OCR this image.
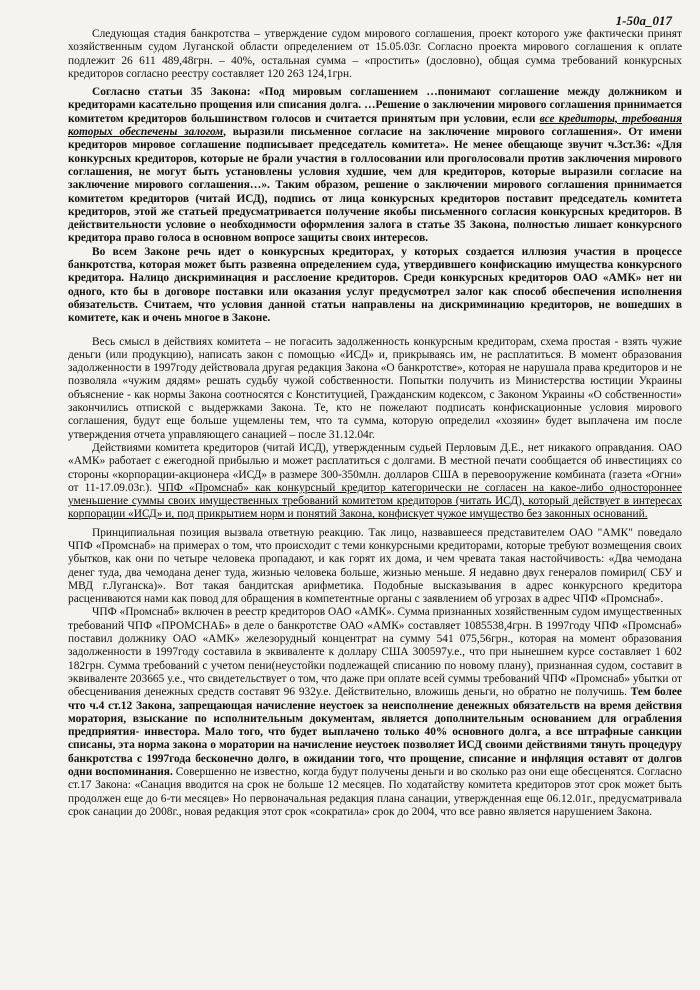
1-50а_017

Следующая стадия банкротства – утверждение судом мирового соглашения, проект которого уже фактически принят хозяйственным судом Луганской области определением от 15.05.03г. Согласно проекта мирового соглашения к оплате подлежит 26 611 489,48грн. – 40%, остальная сумма – «простить» (дословно), общая сумма требований конкурсных кредиторов согласно реестру составляет 120 263 124,1грн.

Согласно статьи 35 Закона: «Под мировым соглашением …понимают соглашение между должником и кредиторами касательно прощения или списания долга. …Решение о заключении мирового соглашения принимается комитетом кредиторов большинством голосов и считается принятым при условии, если все кредиторы, требования которых обеспечены залогом, выразили письменное согласие на заключение мирового соглашения». От имени кредиторов мировое соглашение подписывает председатель комитета». Не менее обещающе звучит ч.3ст.36: «Для конкурсных кредиторов, которые не брали участия в голлосовании или проголосовали против заключения мирового соглашения, не могут быть установлены условия худшие, чем для кредиторов, которые выразили согласие на заключение мирового соглашения…». Таким образом, решение о заключении мирового соглашения принимается комитетом кредиторов (читай ИСД), подпись от лица конкурсных кредиторов поставит председатель комитета кредиторов, этой же статьей предусматривается получение якобы письменного согласия конкурсных кредиторов. В действительности условие о необходимости оформления залога в статье 35 Закона, полностью лишает конкурсного кредитора право голоса в основном вопросе защиты своих интересов.

Во всем Законе речь идет о конкурсных кредиторах, у которых создается иллюзия участия в процессе банкротства, которая может быть развеяна определением суда, утвердившего конфискацию имущества конкурсного кредитора. Налицо дискриминация и расслоение кредиторов. Среди конкурсных кредиторов ОАО «АМК» нет ни одного, кто бы в договоре поставки или оказания услуг предусмотрел залог как способ обеспечения исполнения обязательств. Считаем, что условия данной статьи направлены на дискриминацию кредиторов, не вошедших в комитете, как и очень многое в Законе.

Весь смысл в действиях комитета – не погасить задолженность конкурсным кредиторам, схема простая - взять чужие деньги (или продукцию), написать закон с помощью «ИСД» и, прикрываясь им, не расплатиться. В момент образования задолженности в 1997году действовала другая редакция Закона «О банкротстве», которая не нарушала права кредиторов и не позволяла «чужим дядям» решать судьбу чужой собственности. Попытки получить из Министерства юстиции Украины объяснение - как нормы Закона соотносятся с Конституцией, Гражданским кодексом, с Законом Украины «О собственности» закончились отпиской с выдержками Закона. Те, кто не пожелают подписать конфискационные условия мирового соглашения, будут еще больше ущемлены тем, что та сумма, которую определил «хозяин» будет выплачена им после утверждения отчета управляющего санацией – после 31.12.04г.

Действиями комитета кредиторов (читай ИСД), утвержденным судьей Перловым Д.Е., нет никакого оправдания. ОАО «АМК» работает с ежегодной прибылью и может расплатиться с долгами. В местной печати сообщается об инвестициях со стороны «корпорации-акционера «ИСД» в размере 300-350млн. долларов США в перевооружение комбината (газета «Огни» от 11-17.09.03г.). ЧПФ «Промснаб» как конкурсный кредитор категорически не согласен на какое-либо одностороннее уменьшение суммы своих имущественных требований комитетом кредиторов (читать ИСД), который действует в интересах корпорации «ИСД» и, под прикрытием норм и понятий Закона, конфискует чужое имущество без законных оснований.

Принципиальная позиция вызвала ответную реакцию. Так лицо, назвавшееся представителем ОАО "АМК" поведало ЧПФ «Промснаб» на примерах о том, что происходит с теми конкурсными кредиторами, которые требуют возмещения своих убытков, как они по четыре человека пропадают, и как горят их дома, и чем чревата такая настойчивость: «Два чемодана денег туда, два чемодана денег туда, жизнью человека больше, жизнью меньше. Я недавно двух генералов помирил( СБУ и МВД г.Луганска)». Вот такая бандитская арифметика. Подобные высказывания в адрес конкурсного кредитора расцениваются нами как повод для обращения в компетентные органы с заявлением об угрозах в адрес ЧПФ «Промснаб».

ЧПФ «Промснаб» включен в реестр кредиторов ОАО «АМК». Сумма признанных хозяйственным судом имущественных требований ЧПФ «ПРОМСНАБ» в деле о банкротстве ОАО «АМК» составляет 1085538,4грн. В 1997году ЧПФ «Промснаб» поставил должнику ОАО «АМК» железорудный концентрат на сумму 541 075,56грн., которая на момент образования задолженности в 1997году составила в эквиваленте к доллару США 300597у.е., что при нынешнем курсе составляет 1 602 182грн. Сумма требований с учетом пени(неустойки подлежащей списанию по новому плану), признанная судом, составит в эквиваленте 203665 у.е., что свидетельствует о том, что даже при оплате всей суммы требований ЧПФ «Промснаб» убытки от обесценивания денежных средств составят 96 932у.е. Действительно, вложишь деньги, но обратно не получишь. Тем более что ч.4 ст.12 Закона, запрещающая начисление неустоек за неисполнение денежных обязательств на время действия моратория, взыскание по исполнительным документам, является дополнительным основанием для ограбления предприятия- инвестора. Мало того, что будет выплачено только 40% основного долга, а все штрафные санкции списаны, эта норма закона о моратории на начисление неустоек позволяет ИСД своими действиями тянуть процедуру банкротства с 1997года бесконечно долго, в ожидании того, что прощение, списание и инфляция оставят от долгов одни воспоминания. Совершенно не известно, когда будут получены деньги и во сколько раз они еще обесценятся. Согласно ст.17 Закона: «Санация вводится на срок не больше 12 месяцев. По ходатайству комитета кредиторов этот срок может быть продолжен еще до 6-ти месяцев» Но первоначальная редакция плана санации, утвержденная еще 06.12.01г., предусматривала срок санации до 2008г., новая редакция этот срок «сократила» срок до 2004, что все равно является нарушением Закона.
